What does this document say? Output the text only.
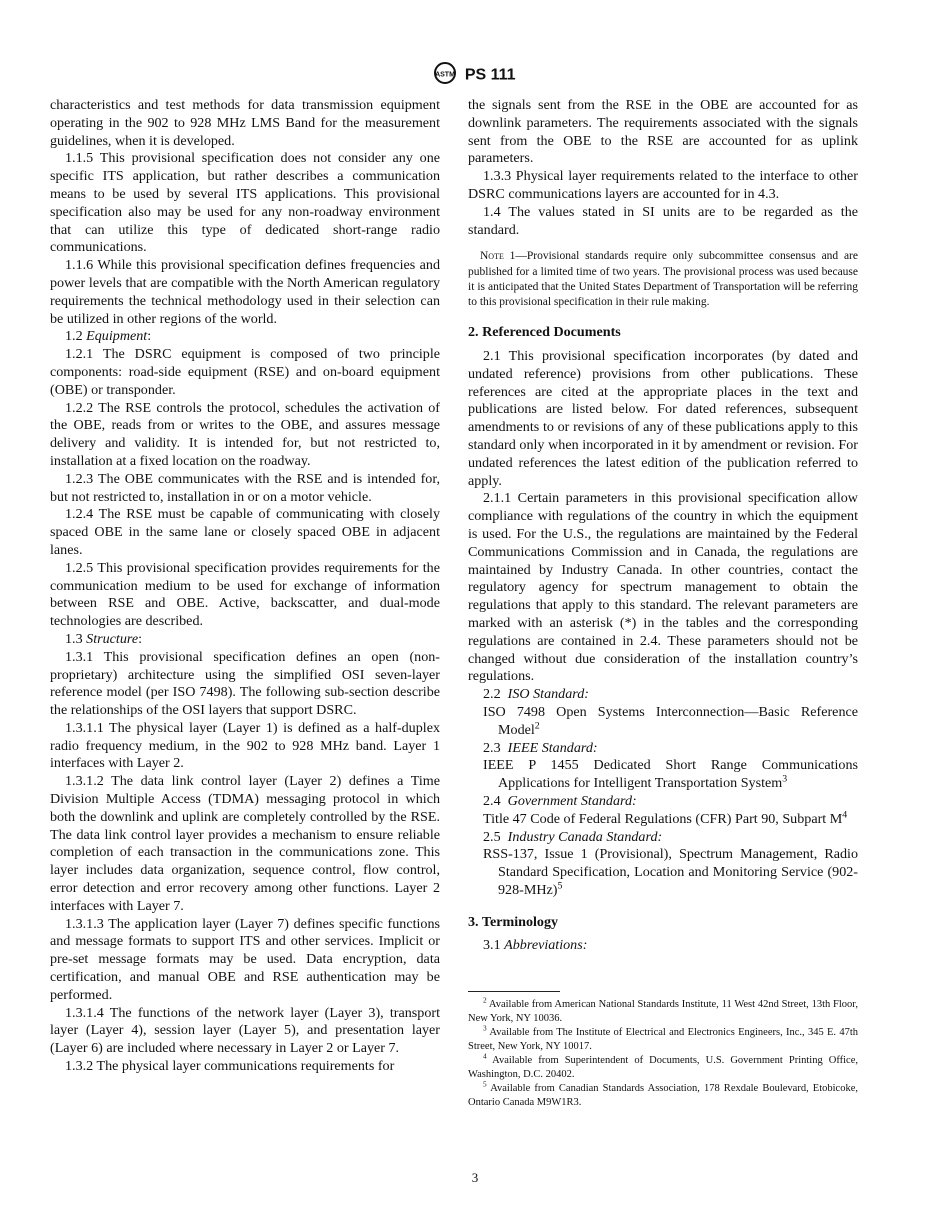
ASTM PS 111

characteristics and test methods for data transmission equipment operating in the 902 to 928 MHz LMS Band for the measurement guidelines, when it is developed.

1.1.5 This provisional specification does not consider any one specific ITS application, but rather describes a communication means to be used by several ITS applications. This provisional specification also may be used for any non-roadway environment that can utilize this type of dedicated short-range radio communications.

1.1.6 While this provisional specification defines frequencies and power levels that are compatible with the North American regulatory requirements the technical methodology used in their selection can be utilized in other regions of the world.

1.2 Equipment:

1.2.1 The DSRC equipment is composed of two principle components: road-side equipment (RSE) and on-board equipment (OBE) or transponder.

1.2.2 The RSE controls the protocol, schedules the activation of the OBE, reads from or writes to the OBE, and assures message delivery and validity. It is intended for, but not restricted to, installation at a fixed location on the roadway.

1.2.3 The OBE communicates with the RSE and is intended for, but not restricted to, installation in or on a motor vehicle.

1.2.4 The RSE must be capable of communicating with closely spaced OBE in the same lane or closely spaced OBE in adjacent lanes.

1.2.5 This provisional specification provides requirements for the communication medium to be used for exchange of information between RSE and OBE. Active, backscatter, and dual-mode technologies are described.

1.3 Structure:

1.3.1 This provisional specification defines an open (non-proprietary) architecture using the simplified OSI seven-layer reference model (per ISO 7498). The following sub-section describe the relationships of the OSI layers that support DSRC.

1.3.1.1 The physical layer (Layer 1) is defined as a half-duplex radio frequency medium, in the 902 to 928 MHz band. Layer 1 interfaces with Layer 2.

1.3.1.2 The data link control layer (Layer 2) defines a Time Division Multiple Access (TDMA) messaging protocol in which both the downlink and uplink are completely controlled by the RSE. The data link control layer provides a mechanism to ensure reliable completion of each transaction in the communications zone. This layer includes data organization, sequence control, flow control, error detection and error recovery among other functions. Layer 2 interfaces with Layer 7.

1.3.1.3 The application layer (Layer 7) defines specific functions and message formats to support ITS and other services. Implicit or pre-set message formats may be used. Data encryption, data certification, and manual OBE and RSE authentication may be performed.

1.3.1.4 The functions of the network layer (Layer 3), transport layer (Layer 4), session layer (Layer 5), and presentation layer (Layer 6) are included where necessary in Layer 2 or Layer 7.

1.3.2 The physical layer communications requirements for

the signals sent from the RSE in the OBE are accounted for as downlink parameters. The requirements associated with the signals sent from the OBE to the RSE are accounted for as uplink parameters.

1.3.3 Physical layer requirements related to the interface to other DSRC communications layers are accounted for in 4.3.

1.4 The values stated in SI units are to be regarded as the standard.

Note 1—Provisional standards require only subcommittee consensus and are published for a limited time of two years. The provisional process was used because it is anticipated that the United States Department of Transportation will be referring to this provisional specification in their rule making.
2. Referenced Documents

2.1 This provisional specification incorporates (by dated and undated reference) provisions from other publications. These references are cited at the appropriate places in the text and publications are listed below. For dated references, subsequent amendments to or revisions of any of these publications apply to this standard only when incorporated in it by amendment or revision. For undated references the latest edition of the publication referred to apply.

2.1.1 Certain parameters in this provisional specification allow compliance with regulations of the country in which the equipment is used. For the U.S., the regulations are maintained by the Federal Communications Commission and in Canada, the regulations are maintained by Industry Canada. In other countries, contact the regulatory agency for spectrum management to obtain the regulations that apply to this standard. The relevant parameters are marked with an asterisk (*) in the tables and the corresponding regulations are contained in 2.4. These parameters should not be changed without due consideration of the installation country’s regulations.

2.2 ISO Standard:

ISO 7498 Open Systems Interconnection—Basic Reference Model$^2$

2.3 IEEE Standard:

IEEE P 1455 Dedicated Short Range Communications Applications for Intelligent Transportation System$^3$

2.4 Government Standard:

Title 47 Code of Federal Regulations (CFR) Part 90, Subpart $M^4$

2.5 Industry Canada Standard:

RSS-137, Issue 1 (Provisional), Spectrum Management, Radio Standard Specification, Location and Monitoring Service $(902-928-MHz)^5$

3. Terminology

3.1 Abbreviations:

$^2$ Available from American National Standards Institute, 11 West 42nd Street, 13th Floor, New York, NY 10036.

$^3$ Available from The Institute of Electrical and Electronics Engineers, Inc., 345 E. 47th Street, New York, NY 10017.

$^4$ Available from Superintendent of Documents, U.S. Government Printing Office, Washington, D.C. 20402.

$^5$ Available from Canadian Standards Association, 178 Rexdale Boulevard, Etobicoke, Ontario Canada M9W1R3.

3
